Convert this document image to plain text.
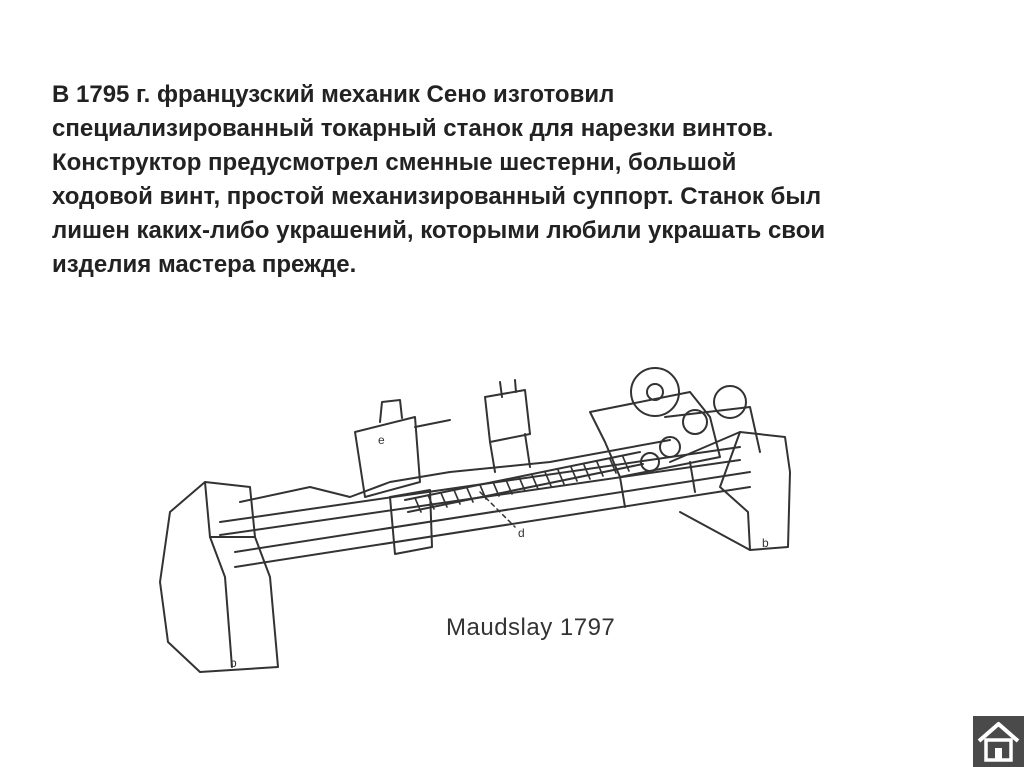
В 1795 г. французский механик Сено изготовил
специализированный токарный станок для нарезки винтов.
Конструктор предусмотрел сменные шестерни, большой
ходовой винт, простой механизированный суппорт. Станок был
лишен каких-либо украшений, которыми любили украшать свои
изделия мастера прежде.
b
b
d
e
Maudslay 1797
